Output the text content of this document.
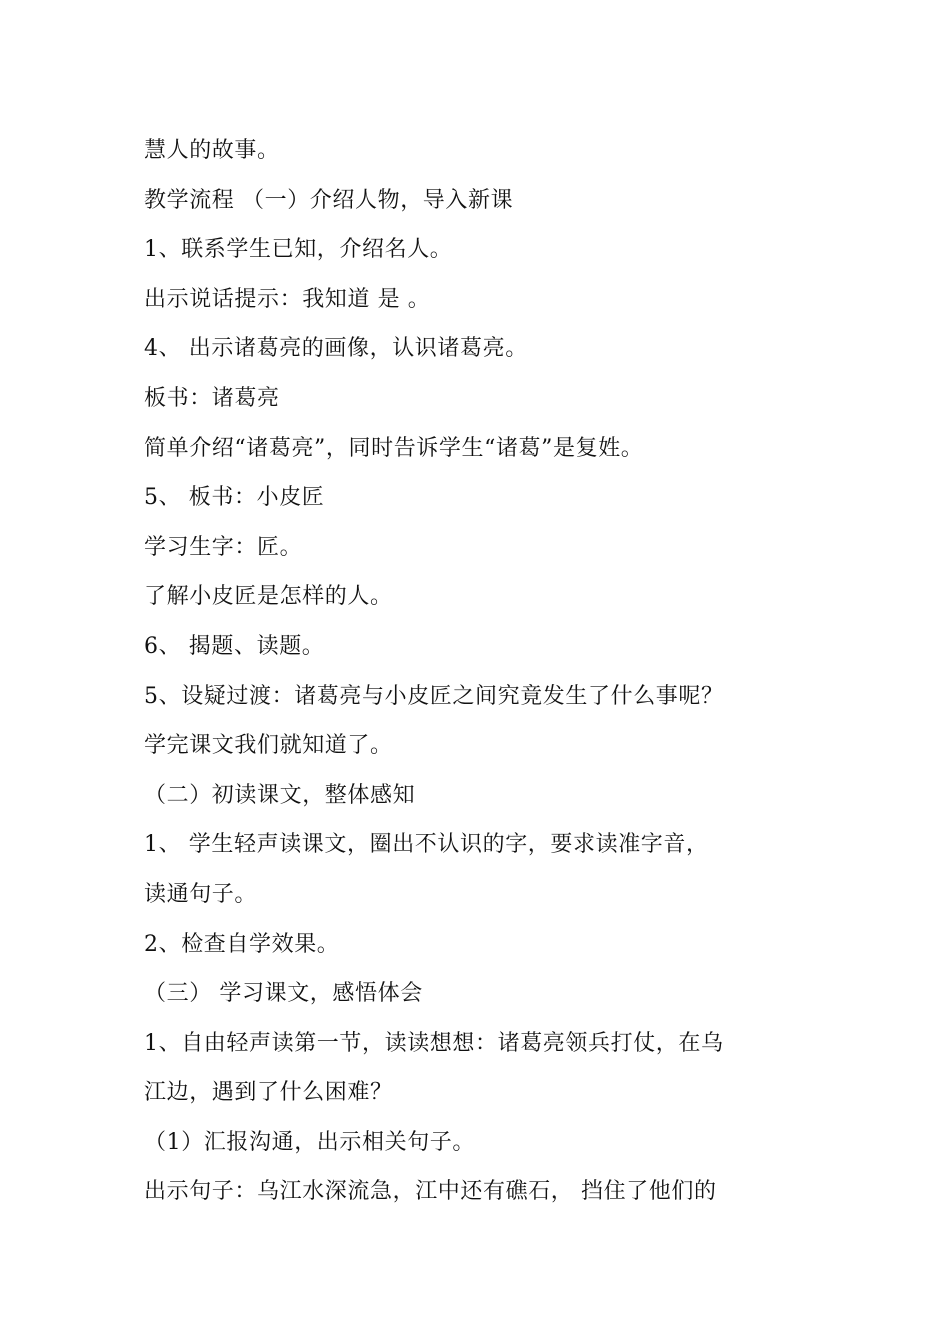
慧人的故事。
教学流程 （一）介绍人物，导入新课
1、联系学生已知，介绍名人。
出示说话提示：我知道 是 。
4、 出示诸葛亮的画像，认识诸葛亮。
板书：诸葛亮
简单介绍“诸葛亮”，同时告诉学生“诸葛”是复姓。
5、 板书：小皮匠
学习生字：匠。
了解小皮匠是怎样的人。
6、 揭题、读题。
5、设疑过渡：诸葛亮与小皮匠之间究竟发生了什么事呢？
学完课文我们就知道了。
（二）初读课文，整体感知
1、 学生轻声读课文，圈出不认识的字，要求读准字音，
读通句子。
2、检查自学效果。
（三） 学习课文，感悟体会
1、自由轻声读第一节，读读想想：诸葛亮领兵打仗，在乌
江边，遇到了什么困难？
（1）汇报沟通，出示相关句子。
出示句子：乌江水深流急，江中还有礁石， 挡住了他们的
